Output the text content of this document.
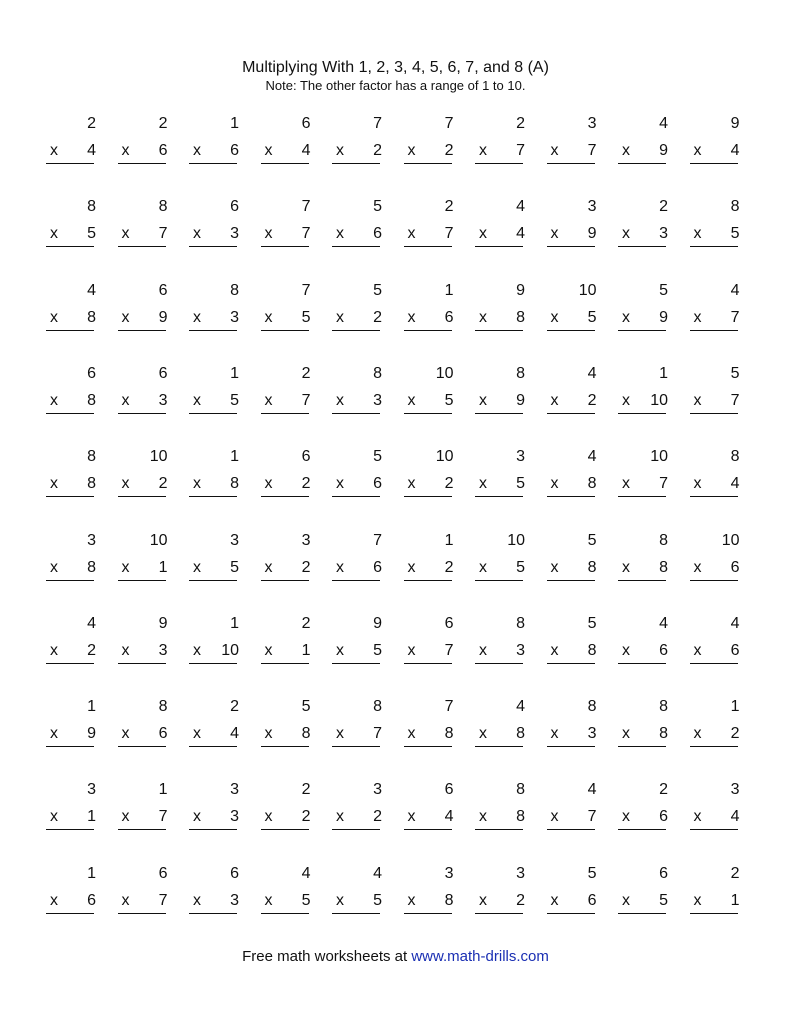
Multiplying With 1, 2, 3, 4, 5, 6, 7, and 8 (A)
Note: The other factor has a range of 1 to 10.
2
x 4
2
x 6
1
x 6
6
x 4
7
x 2
7
x 2
2
x 7
3
x 7
4
x 9
9
x 4
8
x 5
8
x 7
6
x 3
7
x 7
5
x 6
2
x 7
4
x 4
3
x 9
2
x 3
8
x 5
4
x 8
6
x 9
8
x 3
7
x 5
5
x 2
1
x 6
9
x 8
10
x 5
5
x 9
4
x 7
6
x 8
6
x 3
1
x 5
2
x 7
8
x 3
10
x 5
8
x 9
4
x 2
1
x 10
5
x 7
8
x 8
10
x 2
1
x 8
6
x 2
5
x 6
10
x 2
3
x 5
4
x 8
10
x 7
8
x 4
3
x 8
10
x 1
3
x 5
3
x 2
7
x 6
1
x 2
10
x 5
5
x 8
8
x 8
10
x 6
4
x 2
9
x 3
1
x 10
2
x 1
9
x 5
6
x 7
8
x 3
5
x 8
4
x 6
4
x 6
1
x 9
8
x 6
2
x 4
5
x 8
8
x 7
7
x 8
4
x 8
8
x 3
8
x 8
1
x 2
3
x 1
1
x 7
3
x 3
2
x 2
3
x 2
6
x 4
8
x 8
4
x 7
2
x 6
3
x 4
1
x 6
6
x 7
6
x 3
4
x 5
4
x 5
3
x 8
3
x 2
5
x 6
6
x 5
2
x 1
Free math worksheets at www.math-drills.com
